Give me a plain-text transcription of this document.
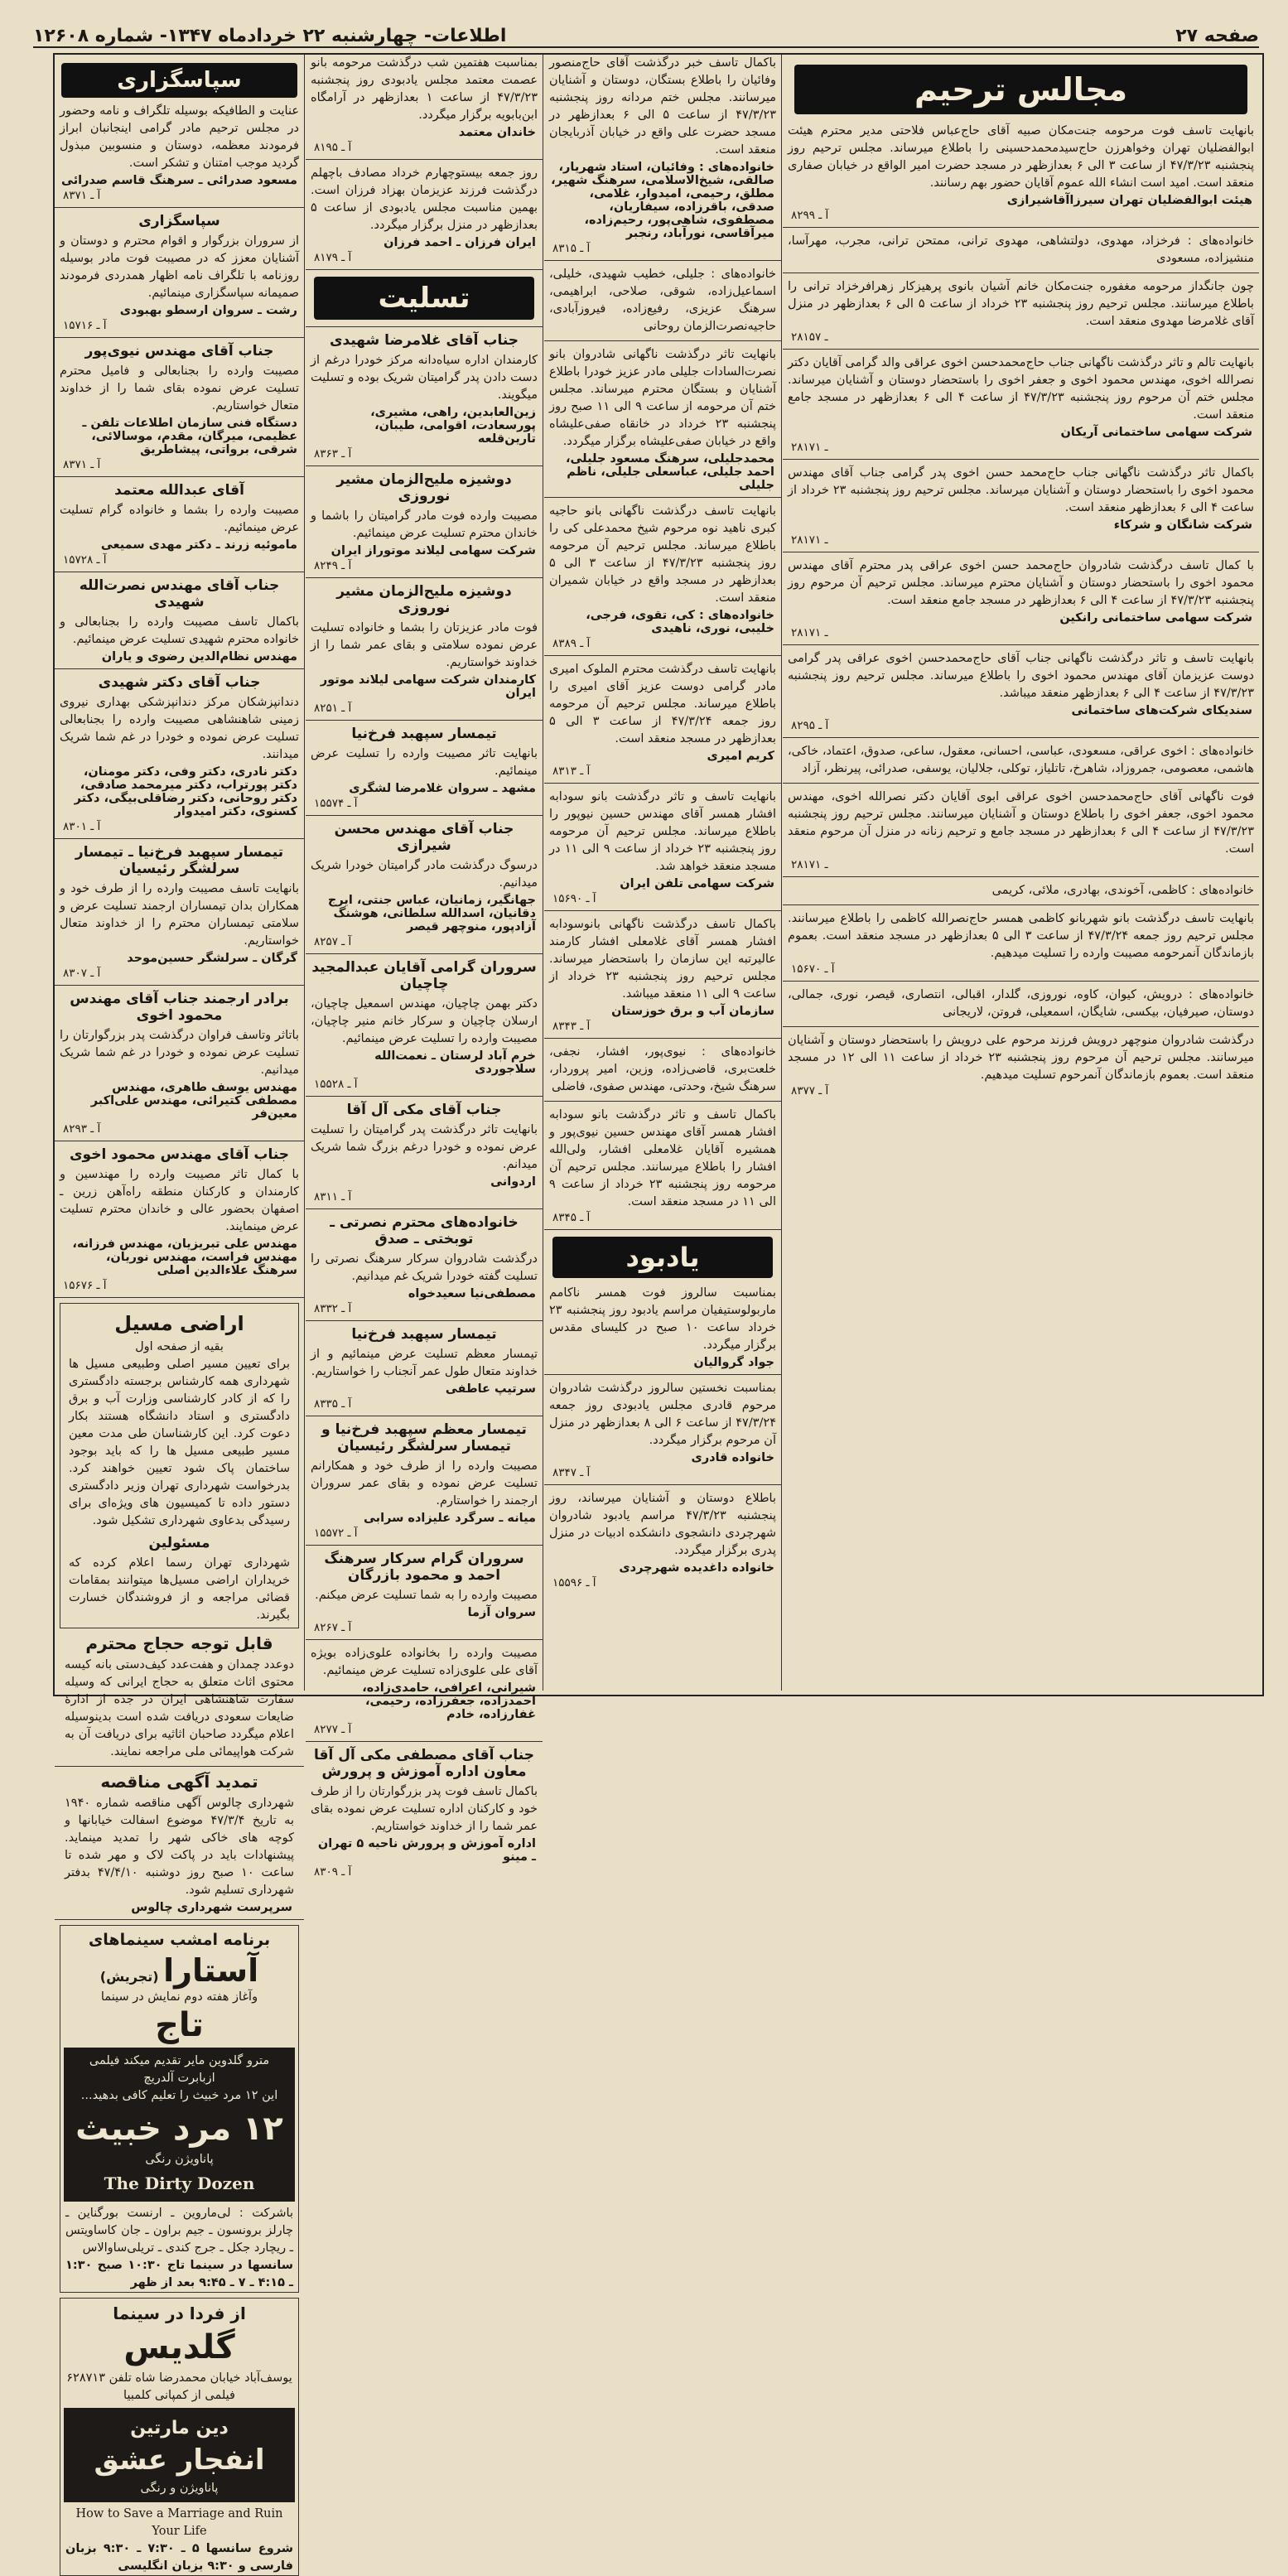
صفحه ۲۷
اطلاعات- چهارشنبه ۲۲ خردادماه ۱۳۴۷- شماره ۱۲۶۰۸
مجالس ترحیم
بانهایت تاسف فوت مرحومه جنت‌مکان صبیه آقای حاج‌عباس فلاحتی مدیر محترم هیئت ابوالفضلیان تهران وخواهرزن حاج‌سیدمحمدحسینی را باطلاع میرساند. مجلس ترحیم روز پنجشنبه ۴۷/۳/۲۳ از ساعت ۳ الی ۶ بعدازظهر در مسجد حضرت امیر الواقع در خیابان صفاری منعقد است. امید است انشاء الله عموم آقایان حضور بهم رسانند.
هیئت ابوالفضلیان تهران سیرزاآقاشیرازی
آ ـ ۸۲۹۹
خانواده‌های : فرخزاد، مهدوی، دولتشاهی، مهدوی ترانی، ممتحن ترانی، مجرب، مهرآسا، منشیزاده، مسعودی
چون جانگداز مرحومه مغفوره جنت‌مکان خانم آشیان بانوی پرهیزکار زهرافرخزاد ترانی را باطلاع میرسانند. مجلس ترحیم روز پنجشنبه ۲۳ خرداد از ساعت ۵ الی ۶ بعدازظهر در منزل آقای غلامرضا مهدوی منعقد است.
۲ـ ۸۱۵۷
بانهایت تالم و تاثر درگذشت ناگهانی جناب حاج‌محمدحسن اخوی عراقی والد گرامی آقایان دکتر نصرالله اخوی، مهندس محمود اخوی و جعفر اخوی را باستحضار دوستان و آشنایان میرساند. مجلس ختم آن مرحوم روز پنجشنبه ۴۷/۳/۲۳ از ساعت ۴ الی ۶ بعدازظهر در مسجد جامع منعقد است.
شرکت سهامی ساختمانی آریکان
۲ـ ۸۱۷۱
باکمال تاثر درگذشت ناگهانی جناب حاج‌محمد حسن اخوی پدر گرامی جناب آقای مهندس محمود اخوی را باستحضار دوستان و آشنایان میرساند. مجلس ترحیم روز پنجشنبه ۲۳ خرداد از ساعت ۴ الی ۶ بعدازظهر منعقد است.
شرکت شانگان و شرکاء
۲ـ ۸۱۷۱
با کمال تاسف درگذشت شادروان حاج‌محمد حسن اخوی عراقی پدر محترم آقای مهندس محمود اخوی را باستحضار دوستان و آشنایان محترم میرساند. مجلس ترحیم آن مرحوم روز پنجشنبه ۴۷/۳/۲۳ از ساعت ۴ الی ۶ بعدازظهر در مسجد جامع منعقد است.
شرکت سهامی ساختمانی رانکین
۲ـ ۸۱۷۱
بانهایت تاسف و تاثر درگذشت ناگهانی جناب آقای حاج‌محمدحسن اخوی عراقی پدر گرامی دوست عزیزمان آقای مهندس محمود اخوی را باطلاع میرساند. مجلس ترحیم روز پنجشنبه ۴۷/۳/۲۳ از ساعت ۴ الی ۶ بعدازظهر منعقد میباشد.
سندیکای شرکت‌های ساختمانی
آ ـ ۸۲۹۵
خانواده‌های : اخوی عراقی، مسعودی، عباسی، احسانی، معقول، ساعی، صدوق، اعتماد، خاکی، هاشمی، معصومی، جمروزاد، شاهرخ، تاتلیاز، توکلی، جلالیان، یوسفی، صدرائی، پیرنظر، آزاد
فوت ناگهانی آقای حاج‌محمدحسن اخوی عراقی ابوی آقایان دکتر نصرالله اخوی، مهندس محمود اخوی، جعفر اخوی را باطلاع دوستان و آشنایان میرسانند. مجلس ترحیم روز پنجشنبه ۴۷/۳/۲۳ از ساعت ۴ الی ۶ بعدازظهر در مسجد جامع و ترحیم زنانه در منزل آن مرحوم منعقد است.
۲ـ ۸۱۷۱
خانواده‌های : کاظمی، آخوندی، بهادری، ملائی، کریمی
بانهایت تاسف درگذشت بانو شهربانو کاظمی همسر حاج‌نصرالله کاظمی را باطلاع میرسانند. مجلس ترحیم روز جمعه ۴۷/۳/۲۴ از ساعت ۳ الی ۵ بعدازظهر در مسجد منعقد است. بعموم بازماندگان آنمرحومه مصیبت وارده را تسلیت میدهیم.
آ ـ ۱۵۶۷۰
خانواده‌های : درویش، کیوان، کاوه، نوروزی، گلدار، اقبالی، انتصاری، قیصر، نوری، جمالی، دوستان، صیرفیان، بیکسی، شایگان، اسمعیلی، فروتن، لاریجانی
درگذشت شادروان منوچهر درویش فرزند مرحوم علی درویش را باستحضار دوستان و آشنایان میرسانند. مجلس ترحیم آن مرحوم روز پنجشنبه ۲۳ خرداد از ساعت ۱۱ الی ۱۲ در مسجد منعقد است. بعموم بازماندگان آنمرحوم تسلیت میدهیم.
آ ـ ۸۳۷۷
باکمال تاسف خبر درگذشت آقای حاج‌منصور وفائیان را باطلاع بستگان، دوستان و آشنایان میرسانند. مجلس ختم مردانه روز پنجشنبه ۴۷/۳/۲۳ از ساعت ۵ الی ۶ بعدازظهر در مسجد حضرت علی واقع در خیابان آذربایجان منعقد است.
خانواده‌های : وفائیان، استاد شهریار، صالقی، شیخ‌الاسلامی، سرهنگ شهیر، مطلق، رحیمی، امیدوار، غلامی، صدقی، باقرزاده، سیفاریان، مصطفوی، شاهی‌پور، رحیم‌زاده، میرآقاسی، نورآباد، رنجبر
آ ـ ۸۳۱۵
خانواده‌های : جلیلی، خطیب شهیدی، خلیلی، اسماعیل‌زاده، شوقی، صلاحی، ابراهیمی، سرهنگ عزیزی، رفیع‌زاده، فیروزآبادی، حاجیه‌نصرت‌الزمان روحانی
بانهایت تاثر درگذشت ناگهانی شادروان بانو نصرت‌السادات جلیلی مادر عزیز خودرا باطلاع آشنایان و بستگان محترم میرساند. مجلس ختم آن مرحومه از ساعت ۹ الی ۱۱ صبح روز پنجشنبه ۲۳ خرداد در خانقاه صفی‌علیشاه واقع در خیابان صفی‌علیشاه برگزار میگردد.
محمدجلیلی، سرهنگ مسعود جلیلی، احمد جلیلی، عباسعلی جلیلی، ناظم جلیلی
بانهایت تاسف درگذشت ناگهانی بانو حاجیه کبری ناهید نوه مرحوم شیخ محمدعلی کی را باطلاع میرساند. مجلس ترحیم آن مرحومه روز پنجشنبه ۴۷/۳/۲۳ از ساعت ۳ الی ۵ بعدازظهر در مسجد واقع در خیابان شمیران منعقد است.
خانواده‌های : کی، تقوی، فرجی، خلیبی، نوری، ناهیدی
آ ـ ۸۳۸۹
بانهایت تاسف درگذشت محترم الملوک امیری مادر گرامی دوست عزیز آقای امیری را باطلاع میرساند. مجلس ترحیم آن مرحومه روز جمعه ۴۷/۳/۲۴ از ساعت ۳ الی ۵ بعدازظهر در مسجد منعقد است.
کریم امیری
آ ـ ۸۳۱۳
بانهایت تاسف و تاثر درگذشت بانو سودابه افشار همسر آقای مهندس حسین نیوپور را باطلاع میرساند. مجلس ترحیم آن مرحومه روز پنجشنبه ۲۳ خرداد از ساعت ۹ الی ۱۱ در مسجد منعقد خواهد شد.
شرکت سهامی تلفن ایران
آ ـ ۱۵۶۹۰
باکمال تاسف درگذشت ناگهانی بانوسودابه افشار همسر آقای غلامعلی افشار کارمند عالیرتبه این سازمان را باستحضار میرساند. مجلس ترحیم روز پنجشنبه ۲۳ خرداد از ساعت ۹ الی ۱۱ منعقد میباشد.
سازمان آب و برق خوزستان
آ ـ ۸۳۴۳
خانواده‌های : نیوی‌پور، افشار، نجفی، خلعت‌بری، قاضی‌زاده، وزین، امیر پروردار، سرهنگ شیخ، وحدتی، مهندس صفوی، فاضلی
باکمال تاسف و تاثر درگذشت بانو سودابه افشار همسر آقای مهندس حسین نیوی‌پور و همشیره آقایان غلامعلی افشار، ولی‌الله افشار را باطلاع میرسانند. مجلس ترحیم آن مرحومه روز پنجشنبه ۲۳ خرداد از ساعت ۹ الی ۱۱ در مسجد منعقد است.
آ ـ ۸۳۴۵
یادبود
بمناسبت سالروز فوت همسر ناکامم ماربولوستیفیان مراسم یادبود روز پنجشنبه ۲۳ خرداد ساعت ۱۰ صبح در کلیسای مقدس برگزار میگردد.
جواد گروالیان
بمناسبت نخستین سالروز درگذشت شادروان مرحوم قادری مجلس یادبودی روز جمعه ۴۷/۳/۲۴ از ساعت ۶ الی ۸ بعدازظهر در منزل آن مرحوم برگزار میگردد.
خانواده قادری
آ ـ ۸۳۴۷
باطلاع دوستان و آشنایان میرساند، روز پنجشنبه ۴۷/۳/۲۳ مراسم یادبود شادروان شهرچردی دانشجوی دانشکده ادبیات در منزل پدری برگزار میگردد.
خانواده داغدیده شهرچردی
آ ـ ۱۵۵۹۶
بمناسبت هفتمین شب درگذشت مرحومه بانو عصمت معتمد مجلس یادبودی روز پنجشنبه ۴۷/۳/۲۳ از ساعت ۱ بعدازظهر در آرامگاه ابن‌بابویه برگزار میگردد.
خاندان معتمد
آ ـ ۸۱۹۵
روز جمعه بیستوچهارم خرداد مصادف باچهلم درگذشت فرزند عزیزمان بهزاد فرزان است. بهمین مناسبت مجلس یادبودی از ساعت ۵ بعدازظهر در منزل برگزار میگردد.
ایران فرزان ـ احمد فرزان
آ ـ ۸۱۷۹
تسلیت
جناب آقای غلامرضا شهیدی
کارمندان اداره سیاه‌دانه مرکز خودرا درغم از دست دادن پدر گرامیتان شریک بوده و تسلیت میگویند.
زین‌العابدین، راهی، مشیری، پورسعادت، اقوامی، طیبان، تارین‌قلعه
آ ـ ۸۳۶۳
دوشیزه ملیح‌الزمان مشیر نوروزی
مصیبت وارده فوت مادر گرامیتان را باشما و خاندان محترم تسلیت عرض مینمائیم.
شرکت سهامی لیلاند موتوراز ایران
آ ـ ۸۲۴۹
دوشیزه ملیح‌الزمان مشیر نوروزی
فوت مادر عزیزتان را بشما و خانواده تسلیت عرض نموده سلامتی و بقای عمر شما را از خداوند خواستاریم.
کارمندان شرکت سهامی لیلاند موتور ایران
آ ـ ۸۲۵۱
تیمسار سپهبد فرخ‌نیا
بانهایت تاثر مصیبت وارده را تسلیت عرض مینمائیم.
مشهد ـ سروان غلامرضا لشگری
آ ـ ۱۵۵۷۴
جناب آقای مهندس محسن شیرازی
درسوگ درگذشت مادر گرامیتان خودرا شریک میدانیم.
جهانگیر، زمانیان، عباس جنتی، ایرج دقانیان، اسدالله سلطانی، هوشنگ آزادپور، منوچهر قیصر
آ ـ ۸۲۵۷
سروران گرامی آقایان عبدالمجید چاچیان
دکتر بهمن چاچیان، مهندس اسمعیل چاچیان، ارسلان چاچیان و سرکار خانم منیر چاچیان، مصیبت وارده را تسلیت عرض مینمائیم.
خرم آباد لرستان ـ نعمت‌الله سلاجوردی
آ ـ ۱۵۵۲۸
جناب آقای مکی آل آقا
بانهایت تاثر درگذشت پدر گرامیتان را تسلیت عرض نموده و خودرا درغم بزرگ شما شریک میدانم.
اردوانی
آ ـ ۸۳۱۱
خانواده‌های محترم نصرتی ـ توبختی ـ صدق
درگذشت شادروان سرکار سرهنگ نصرتی را تسلیت گفته خودرا شریک غم میدانیم.
مصطفی‌نیا سعیدخواه
آ ـ ۸۳۳۲
تیمسار سپهبد فرخ‌نیا
تیمسار معظم تسلیت عرض مینمائیم و از خداوند متعال طول عمر آنجناب را خواستاریم.
سرتیپ عاطفی
آ ـ ۸۳۳۵
تیمسار معظم سپهبد فرخ‌نیا و تیمسار سرلشگر رئیسیان
مصیبت وارده را از طرف خود و همکارانم تسلیت عرض نموده و بقای عمر سروران ارجمند را خواستارم.
میانه ـ سرگرد علیزاده سرابی
آ ـ ۱۵۵۷۲
سروران گرام سرکار سرهنگ احمد و محمود بازرگان
مصیبت وارده را به شما تسلیت عرض میکنم.
سروان آزما
آ ـ ۸۲۶۷
مصیبت وارده را بخانواده علوی‌زاده بویژه آقای علی علوی‌زاده تسلیت عرض مینمائیم.
شیرانی، اعرافی، حامدی‌زاده، احمدزاده، جعفرزاده، رحیمی، غفارزاده، خادم
آ ـ ۸۲۷۷
جناب آقای مصطفی مکی آل آقا معاون اداره آموزش و پرورش
باکمال تاسف فوت پدر بزرگوارتان را از طرف خود و کارکنان اداره تسلیت عرض نموده بقای عمر شما را از خداوند خواستاریم.
اداره آموزش و پرورش ناحیه ۵ تهران ـ مینو
آ ـ ۸۳۰۹
سپاسگزاری
عنایت و الطافیکه بوسیله تلگراف و نامه وحضور در مجلس ترحیم مادر گرامی اینجانبان ابراز فرمودند معظمه، دوستان و منسوبین مبذول گردید موجب امتنان و تشکر است.
مسعود صدرائی ـ سرهنگ قاسم صدرائی
آ ـ ۸۳۷۱
سپاسگزاری
از سروران بزرگوار و اقوام محترم و دوستان و آشنایان معزز که در مصیبت فوت مادر بوسیله روزنامه با تلگراف نامه اظهار همدردی فرمودند صمیمانه سپاسگزاری مینمائیم.
رشت ـ سروان ارسطو بهبودی
آ ـ ۱۵۷۱۶
جناب آقای مهندس نیوی‌پور
مصیبت وارده را بجنابعالی و فامیل محترم تسلیت عرض نموده بقای شما را از خداوند متعال خواستاریم.
دستگاه فنی سازمان اطلاعات تلفن ـ عظیمی، میرگان، مقدم، موسالائی، شرقی، برواتی، پیشاطریق
آ ـ ۸۳۷۱
آقای عبدالله معتمد
مصیبت وارده را بشما و خانواده گرام تسلیت عرض مینمائیم.
ماموئیه زرند ـ دکتر مهدی سمیعی
آ ـ ۱۵۷۲۸
جناب آقای مهندس نصرت‌الله شهیدی
باکمال تاسف مصیبت وارده را بجنابعالی و خانواده محترم شهیدی تسلیت عرض مینمائیم.
مهندس نظام‌الدین رضوی و یاران
جناب آقای دکتر شهیدی
دندانپزشکان مرکز دندانپزشکی بهداری نیروی زمینی شاهنشاهی مصیبت وارده را بجنابعالی تسلیت عرض نموده و خودرا در غم شما شریک میدانند.
دکتر نادری، دکتر وفی، دکتر مومنان، دکتر پورتراب، دکتر میرمحمد صادقی، دکتر روحانی، دکتر رضاقلی‌بیگی، دکتر کسنوی، دکتر امیدوار
آ ـ ۸۳۰۱
تیمسار سپهبد فرخ‌نیا ـ تیمسار سرلشگر رئیسیان
بانهایت تاسف مصیبت وارده را از طرف خود و همکاران بدان تیمساران ارجمند تسلیت عرض و سلامتی تیمساران محترم را از خداوند متعال خواستاریم.
گرگان ـ سرلشگر حسین‌موحد
آ ـ ۸۳۰۷
برادر ارجمند جناب آقای مهندس محمود اخوی
باتاثر وتاسف فراوان درگذشت پدر بزرگوارتان را تسلیت عرض نموده و خودرا در غم شما شریک میدانیم.
مهندس یوسف طاهری، مهندس مصطفی کتیرائی، مهندس علی‌اکبر معین‌فر
آ ـ ۸۲۹۳
جناب آقای مهندس محمود اخوی
با کمال تاثر مصیبت وارده را مهندسین و کارمندان و کارکنان منطقه راه‌آهن زرین ـ اصفهان بحضور عالی و خاندان محترم تسلیت عرض مینمایند.
مهندس علی تبریزیان، مهندس فرزانه، مهندس فراست، مهندس نوریان، سرهنگ علاءالدین اصلی
آ ـ ۱۵۶۷۶
اراضی مسیل
بقیه از صفحه اول
برای تعیین مسیر اصلی وطبیعی مسیل ها شهرداری همه کارشناس برجسته دادگستری را که از کادر کارشناسی وزارت آب و برق دادگستری و استاد دانشگاه هستند بکار دعوت کرد. این کارشناسان طی مدت معین مسیر طبیعی مسیل ها را که باید بوجود ساختمان پاک شود تعیین خواهند کرد. بدرخواست شهرداری تهران وزیر دادگستری دستور داده تا کمیسیون های ویژه‌ای برای رسیدگی بدعاوی شهرداری تشکیل شود.
مسئولین
شهرداری تهران رسما اعلام کرده که خریداران اراضی مسیل‌ها میتوانند بمقامات قضائی مراجعه و از فروشندگان خسارت بگیرند.
قابل توجه حجاج محترم
دوعدد چمدان و هفت‌عدد کیف‌دستی بانه کیسه محتوی اثاث متعلق به حجاج ایرانی که وسیله سفارت شاهنشاهی ایران در جده از ادارهٔ ضایعات سعودی دریافت شده است بدینوسیله اعلام میگردد صاحبان اثاثیه برای دریافت آن به شرکت هواپیمائی ملی مراجعه نمایند.
تمدید آگهی مناقصه
شهرداری چالوس آگهی مناقصه شماره ۱۹۴۰ به تاریخ ۴۷/۳/۴ موضوع اسفالت خیابانها و کوچه های خاکی شهر را تمدید مینماید. پیشنهادات باید در پاکت لاک و مهر شده تا ساعت ۱۰ صبح روز دوشنبه ۴۷/۴/۱۰ بدفتر شهرداری تسلیم شود.
سرپرست شهرداری چالوس
برنامه امشب سینماهای
آستارا (تجریش)
وآغاز هفته دوم نمایش در سینما
تاج
مترو گلدوین مایر تقدیم میکند فیلمی ازبابرت آلدریچ
این ۱۲ مرد خبیث را تعلیم کافی بدهید...
۱۲ مرد خبیث
پاناویژن رنگی
The Dirty Dozen
باشرکت : لی‌ماروین ـ ارنست بورگناین ـ چارلز برونسون ـ جیم براون ـ جان کاساویتس ـ ریچارد جکل ـ جرج کندی ـ تریلی‌ساوالاس
سانسها در سینما تاج ۱۰:۳۰ صبح ۱:۳۰ ـ ۴:۱۵ ـ ۷ ـ ۹:۴۵ بعد از ظهر
از فردا در سینما
گلدیس
یوسف‌آباد خیابان محمدرضا شاه تلفن ۶۲۸۷۱۳
فیلمی از کمپانی کلمبیا
دین مارتین
انفجار عشق
پاناویژن و رنگی
How to Save a Marriage and Ruin Your Life
شروع سانسها ۵ ـ ۷:۳۰ ـ ۹:۳۰ بزبان فارسی و ۹:۳۰ بزبان انگلیسی
